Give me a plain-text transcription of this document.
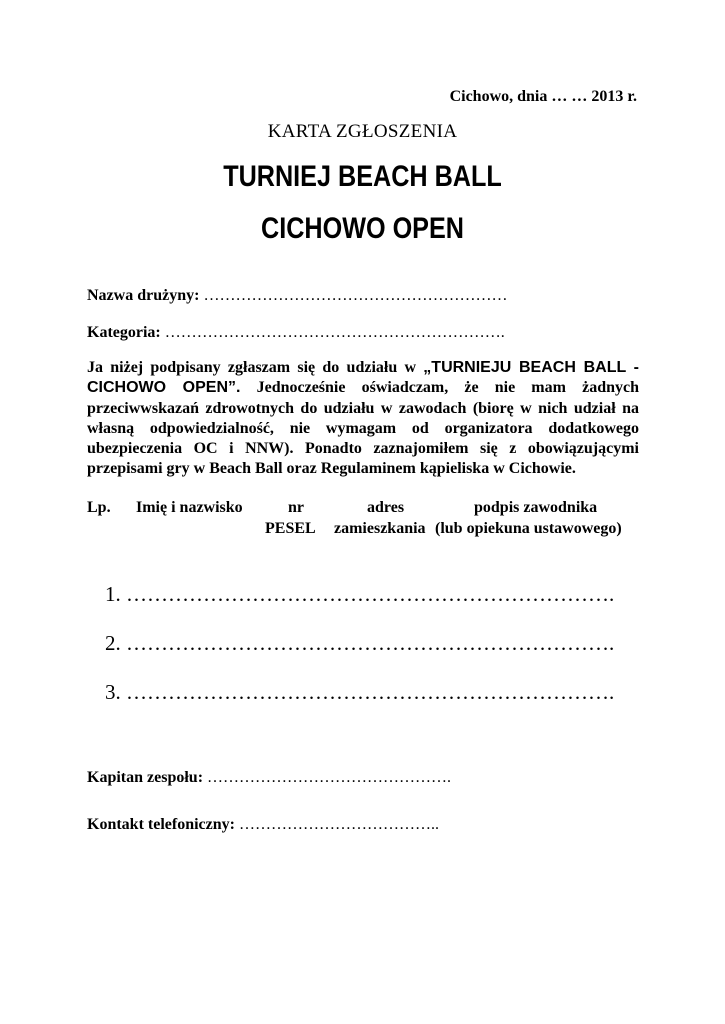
Cichowo, dnia … … 2013 r.
KARTA ZGŁOSZENIA
TURNIEJ BEACH BALL
CICHOWO OPEN
Nazwa drużyny: …………………………………………………
Kategoria: ……………………………………………………….
Ja niżej podpisany zgłaszam się do udziału w „TURNIEJU BEACH BALL - CICHOWO OPEN”. Jednocześnie oświadczam, że nie mam żadnych przeciwwskazań zdrowotnych do udziału w zawodach (biorę w nich udział na własną odpowiedzialność, nie wymagam od organizatora dodatkowego ubezpieczenia OC i NNW). Ponadto zaznajomiłem się z obowiązującymi przepisami gry w Beach Ball oraz Regulaminem kąpieliska w Cichowie.
Lp. Imię i nazwisko	nr
PESEL
adres
zamieszkania
podpis zawodnika
(lub opiekuna ustawowego)
1. …………………………………………………………….
2. …………………………………………………………….
3. …………………………………………………………….
Kapitan zespołu: ……………………………………….
Kontakt telefoniczny: ………………………………..
